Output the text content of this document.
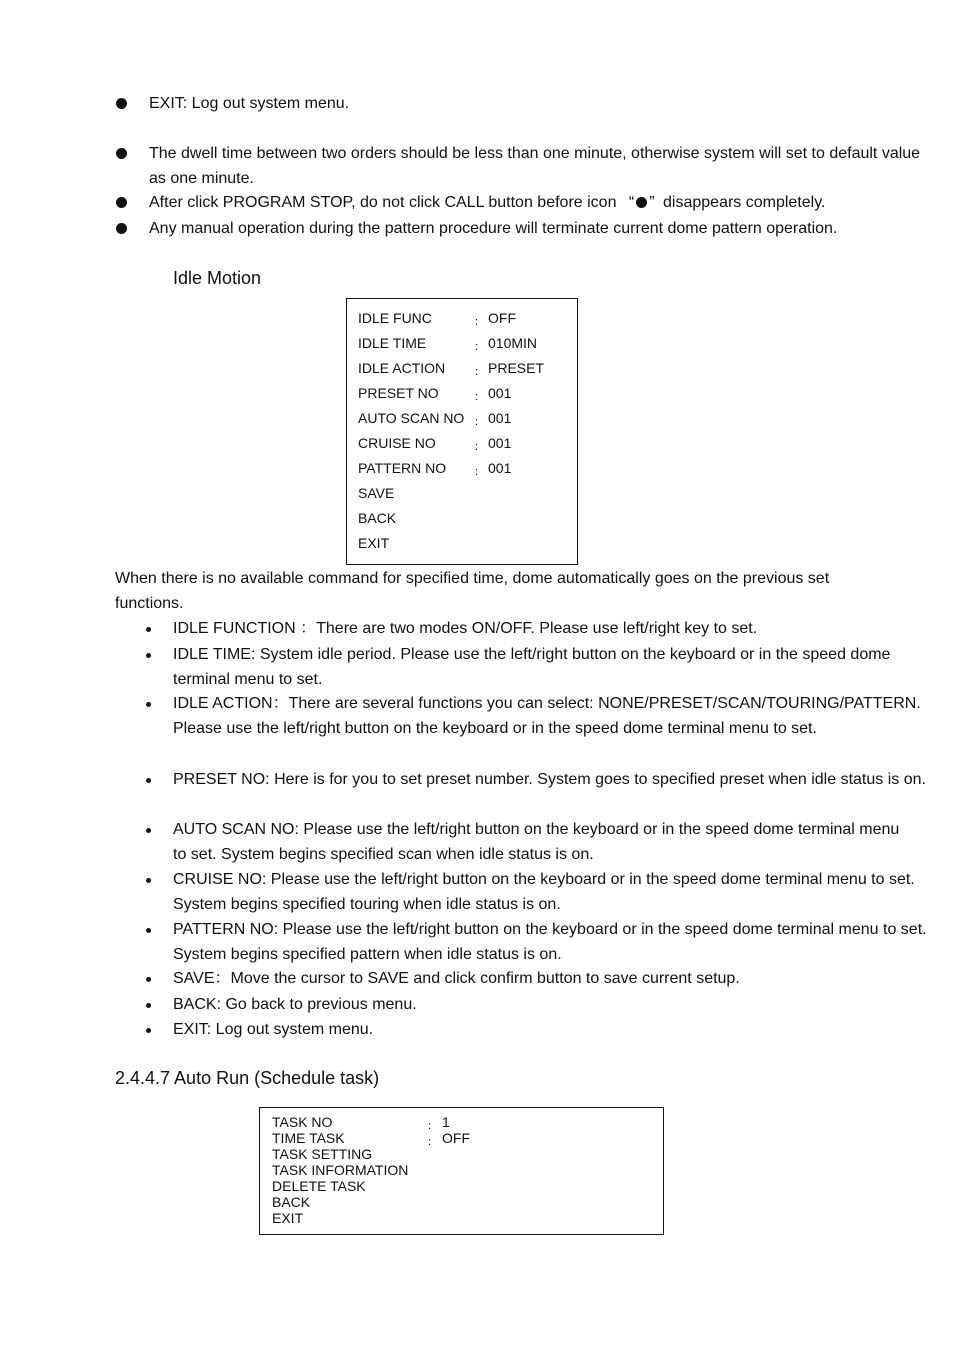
EXIT: Log out system menu.
The dwell time between two orders should be less than one minute, otherwise system will set to default value as one minute.
After click PROGRAM STOP, do not click CALL button before icon “ ” disappears completely.
Any manual operation during the pattern procedure will terminate current dome pattern operation.
Idle Motion
IDLE FUNC	： OFF
IDLE TIME	： 010MIN
IDLE ACTION	： PRESET
PRESET NO	： 001
AUTO SCAN NO ： 001
CRUISE NO	： 001
PATTERN NO	： 001
SAVE
BACK
EXIT
When there is no available command for specified time, dome automatically goes on the previous set functions.
IDLE FUNCTION ：There are two modes ON/OFF. Please use left/right key to set.
IDLE TIME: System idle period. Please use the left/right button on the keyboard or in the speed dome terminal menu to set.
IDLE ACTION：There are several functions you can select: NONE/PRESET/SCAN/TOURING/PATTERN. Please use the left/right button on the keyboard or in the speed dome terminal menu to set.
PRESET NO: Here is for you to set preset number. System goes to specified preset when idle status is on.
AUTO SCAN NO: Please use the left/right button on the keyboard or in the speed dome terminal menu to set. System begins specified scan when idle status is on.
CRUISE NO: Please use the left/right button on the keyboard or in the speed dome terminal menu to set. System begins specified touring when idle status is on.
PATTERN NO: Please use the left/right button on the keyboard or in the speed dome terminal menu to set. System begins specified pattern when idle status is on.
SAVE：Move the cursor to SAVE and click confirm button to save current setup.
BACK: Go back to previous menu.
EXIT: Log out system menu.
2.4.4.7 Auto Run (Schedule task)
TASK NO	： 1
TIME TASK	： OFF
TASK SETTING
TASK INFORMATION
DELETE TASK
BACK
EXIT
